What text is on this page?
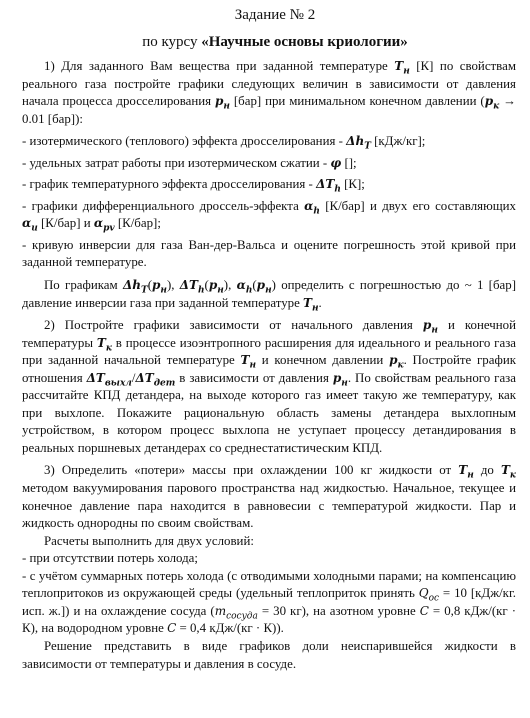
Задание № 2
по курсу «Научные основы криологии»

1) Для заданного Вам вещества при заданной температуре $T_н$ [К] по свойствам реального газа постройте графики следующих величин в зависимости от давления начала процесса дросселирования $p_н$ [бар] при минимальном конечном давлении ($p_к \to 0.01$ [бар]):

- изотермического (теплового) эффекта дросселирования - $\Delta h_T$ [кДж/кг];

- удельных затрат работы при изотермическом сжатии - φ [];

- график температурного эффекта дросселирования - $\Delta T_h$ [К];

- графики дифференциального дроссель-эффекта $\alpha_h$ [К/бар] и двух его составляющих $\alpha_u$ [К/бар] и $\alpha_{pv}$ [К/бар];

- кривую инверсии для газа Ван-дер-Вальса и оцените погрешность этой кривой при заданной температуре.

По графикам $\Delta h_T(p_н)$, $\Delta T_h(p_н)$, $\alpha_h(p_н)$ определить с погрешностью до ~ 1 [бар] давление инверсии газа при заданной температуре $T_н$.

2) Постройте графики зависимости от начального давления $p_н$ и конечной температуры $T_к$ в процессе изоэнтропного расширения для идеального и реального газа при заданной начальной температуре $T_н$ и конечном давлении $p_к$. Постройте график отношения $\Delta T_{выхл}/\Delta T_{дет}$ в зависимости от давления $p_н$. По свойствам реального газа рассчитайте КПД детандера, на выходе которого газ имеет такую же температуру, как при выхлопе. Покажите рациональную область замены детандера выхлопным устройством, в котором процесс выхлопа не уступает процессу детандирования в реальных поршневых детандерах со среднестатистическим КПД.

3) Определить «потери» массы при охлаждении 100 кг жидкости от $T_н$ до $T_к$ методом вакуумирования парового пространства над жидкостью. Начальное, текущее и конечное давление пара находится в равновесии с температурой жидкости. Пар и жидкость однородны по своим свойствам.

Расчеты выполнить для двух условий:

- при отсутствии потерь холода;

- с учётом суммарных потерь холода (с отводимыми холодными парами; на компенсацию теплопритоков из окружающей среды (удельный теплоприток принять $Q_{ос} = 10$ [кДж/кг. исп. ж.]) и на охлаждение сосуда ($m_{сосуда} = 30$ кг), на азотном уровне C = 0,8 кДж/(кг · К), на водородном уровне C = 0,4 кДж/(кг · К)).

Решение представить в виде графиков доли неиспарившейся жидкости в зависимости от температуры и давления в сосуде.
